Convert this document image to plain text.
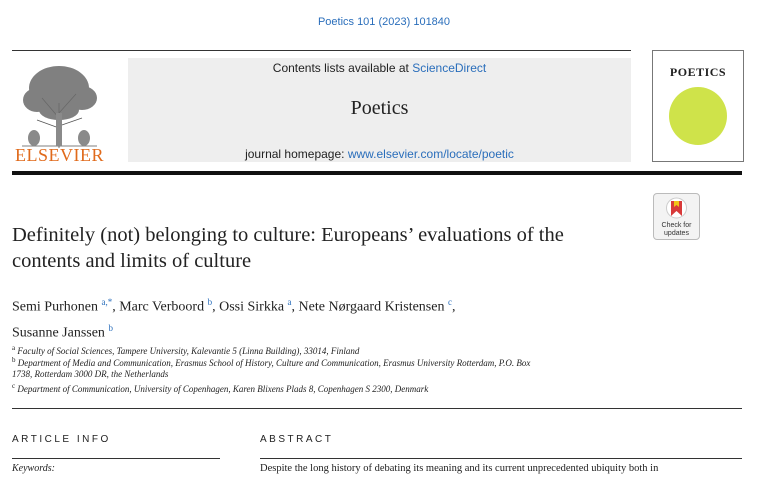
Poetics 101 (2023) 101840
ELSEVIER
Contents lists available at ScienceDirect
Poetics
journal homepage: www.elsevier.com/locate/poetic
POETICS
Check for updates
Definitely (not) belonging to culture: Europeans’ evaluations of the contents and limits of culture
Semi Purhonen $^{a,*}$, Marc Verboord $^b$, Ossi Sirkka $^a$, Nete Nørgaard Kristensen $^c$,
Susanne Janssen $^b$
$^a$ Faculty of Social Sciences, Tampere University, Kalevantie 5 (Linna Building), 33014, Finland
$^b$ Department of Media and Communication, Erasmus School of History, Culture and Communication, Erasmus University Rotterdam, P.O. Box
1738, Rotterdam 3000 DR, the Netherlands
$^c$ Department of Communication, University of Copenhagen, Karen Blixens Plads 8, Copenhagen S 2300, Denmark
ARTICLE INFO	ABSTRACT
Keywords:	Despite the long history of debating its meaning and its current unprecedented ubiquity both in
